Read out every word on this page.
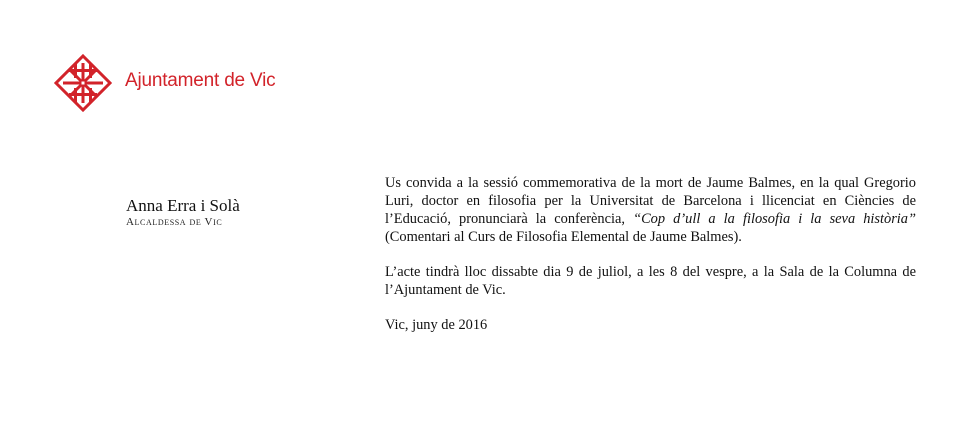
Ajuntament de Vic
Anna Erra i Solà
Alcaldessa de Vic

Us convida a la sessió commemorativa de la mort de Jaume Balmes, en la qual Gregorio
Luri, doctor en filosofia per la Universitat de Barcelona i llicenciat en Ciències de
l’Educació, pronunciarà la conferència, “Cop d’ull a la filosofia i la seva història”
(Comentari al Curs de Filosofia Elemental de Jaume Balmes).

L’acte tindrà lloc dissabte dia 9 de juliol, a les 8 del vespre, a la Sala de la Columna de
l’Ajuntament de Vic.

Vic, juny de 2016
